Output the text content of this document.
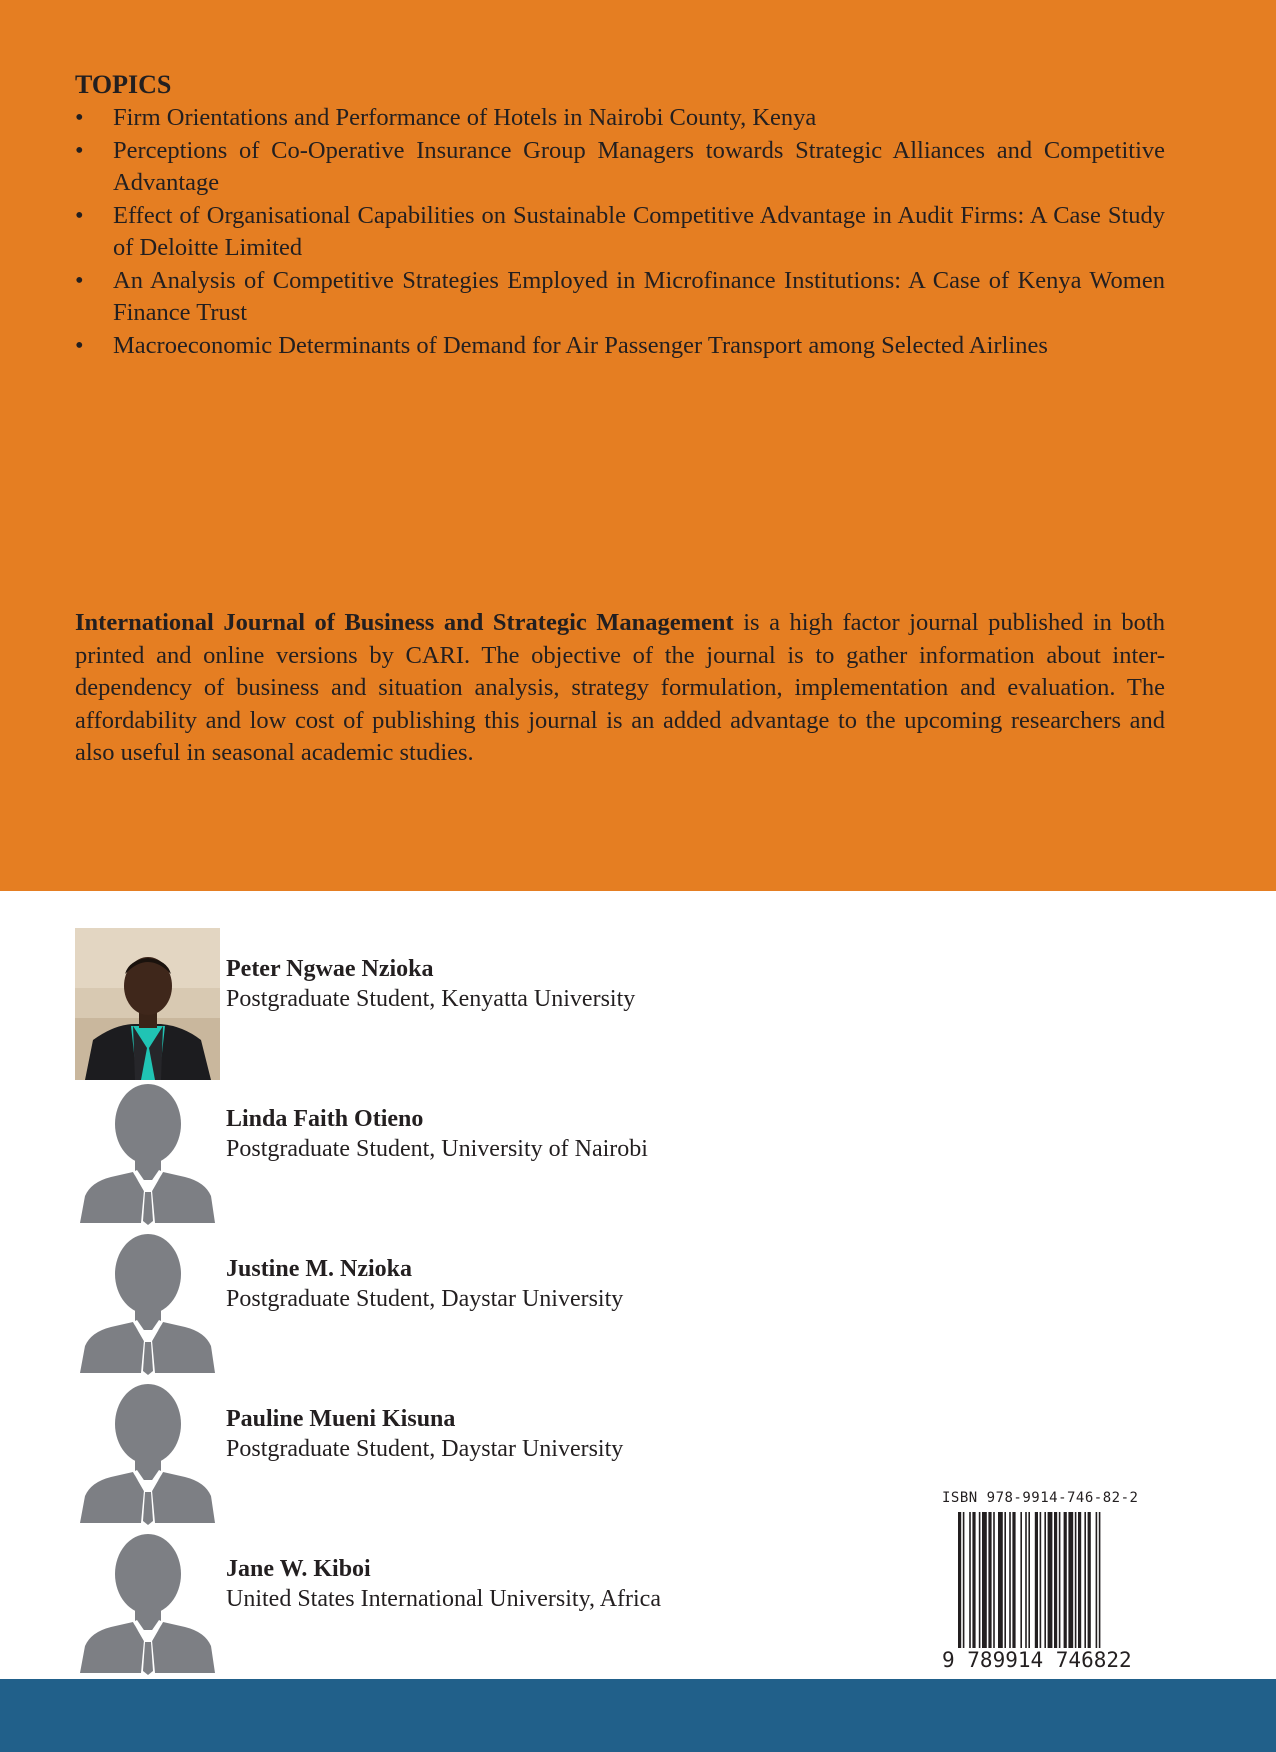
TOPICS
• Firm Orientations and Performance of Hotels in Nairobi County, Kenya
• Perceptions of Co-Operative Insurance Group Managers towards Strategic Alliances and Competitive Advantage
• Effect of Organisational Capabilities on Sustainable Competitive Advantage in Audit Firms: A Case Study of Deloitte Limited
• An Analysis of Competitive Strategies Employed in Microfinance Institutions: A Case of Kenya Women Finance Trust
• Macroeconomic Determinants of Demand for Air Passenger Transport among Selected Airlines

International Journal of Business and Strategic Management is a high factor journal published in both printed and online versions by CARI. The objective of the journal is to gather information about inter-dependency of business and situation analysis, strategy formulation, implementation and evaluation. The affordability and low cost of publishing this journal is an added advantage to the upcoming researchers and also useful in seasonal academic studies.

Peter Ngwae Nzioka
Postgraduate Student, Kenyatta University
Linda Faith Otieno
Postgraduate Student, University of Nairobi
Justine M. Nzioka
Postgraduate Student, Daystar University
Pauline Mueni Kisuna
Postgraduate Student, Daystar University
Jane W. Kiboi
United States International University, Africa
ISBN 978-9914-746-82-2
9 789914 746822
